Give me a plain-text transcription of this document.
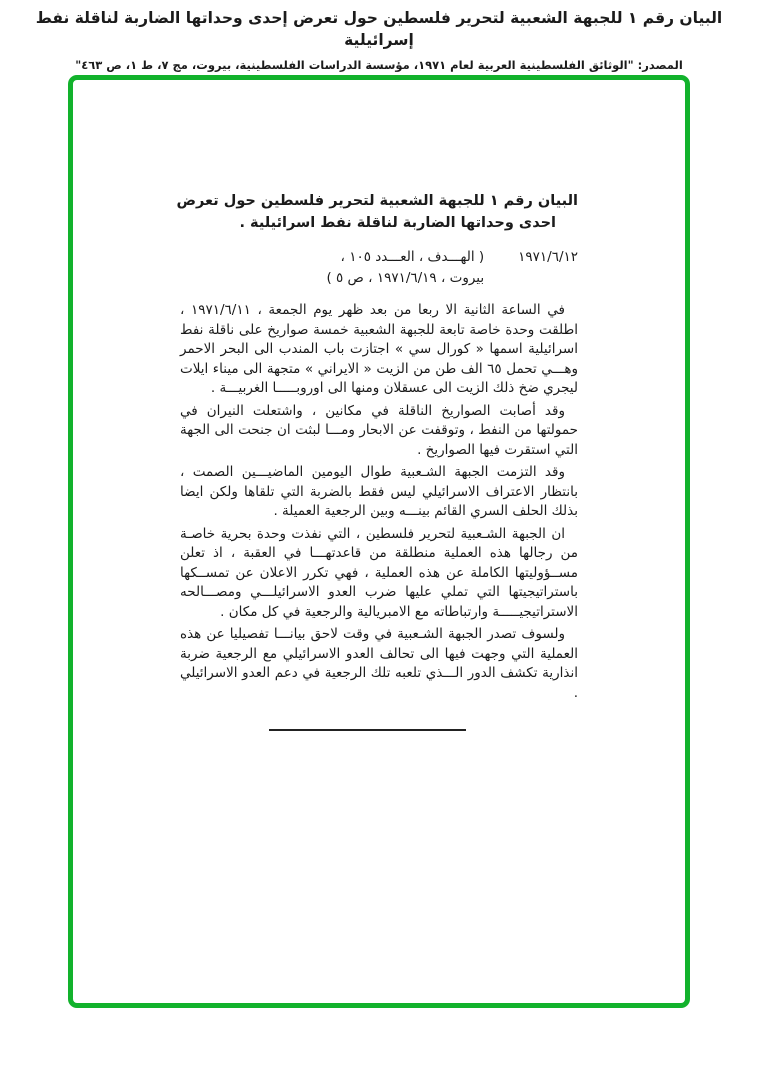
البيان رقم ١ للجبهة الشعبية لتحرير فلسطين حول تعرض إحدى وحداتها الضاربة لناقلة نفط إسرائيلية
المصدر: "الوثائق الفلسطينية العربية لعام ١٩٧١، مؤسسة الدراسات الفلسطينية، بيروت، مج ٧، ط ١، ص ٤٦٣"
البيان رقم ١ للجبهة الشعبية لتحرير فلسطين حول تعرض
احدى وحداتها الضاربة لناقلة نفط اسرائيلية .
١٩٧١/٦/١٢
( الهـــدف ، العـــدد ١٠٥ ،
بيروت ، ١٩٧١/٦/١٩ ، ص ٥ )

في الساعة الثانية الا ربعا من بعد ظهر يوم الجمعة ، ١٩٧١/٦/١١ ، اطلقت وحدة خاصة تابعة للجبهة الشعبية خمسة صواريخ على ناقلة نفط اسرائيلية اسمها « كورال سي » اجتازت باب المندب الى البحر الاحمر وهـــي تحمل ٦٥ الف طن من الزيت « الايراني » متجهة الى ميناء ايلات ليجري ضخ ذلك الزيت الى عسقلان ومنها الى اوروبـــــا الغربيـــة .

وقد أصابت الصواريخ الناقلة في مكانين ، واشتعلت النيران في حمولتها من النفط ، وتوقفت عن الابحار ومـــا لبثت ان جنحت الى الجهة التي استقرت فيها الصواريخ .

وقد التزمت الجبهة الشـعبية طوال اليومين الماضيـــين الصمت ، بانتظار الاعتراف الاسرائيلي ليس فقط بالضربة التي تلقاها ولكن ايضا بذلك الحلف السري القائم بينـــه وبين الرجعية العميلة .

ان الجبهة الشـعبية لتحرير فلسطين ، التي نفذت وحدة بحرية خاصـة من رجالها هذه العملية منطلقة من قاعدتهـــا في العقبة ، اذ تعلن مســؤوليتها الكاملة عن هذه العملية ، فهي تكرر الاعلان عن تمســكها باستراتيجيتها التي تملي عليها ضرب العدو الاسرائيلـــي ومصـــالحه الاستراتيجيـــــة وارتباطاته مع الامبريالية والرجعية في كل مكان .

ولسوف تصدر الجبهة الشـعبية في وقت لاحق بيانـــا تفصيليا عن هذه العملية التي وجهت فيها الى تحالف العدو الاسرائيلي مع الرجعية ضربة انذارية تكشف الدور الـــذي تلعبه تلك الرجعية في دعم العدو الاسرائيلي .
